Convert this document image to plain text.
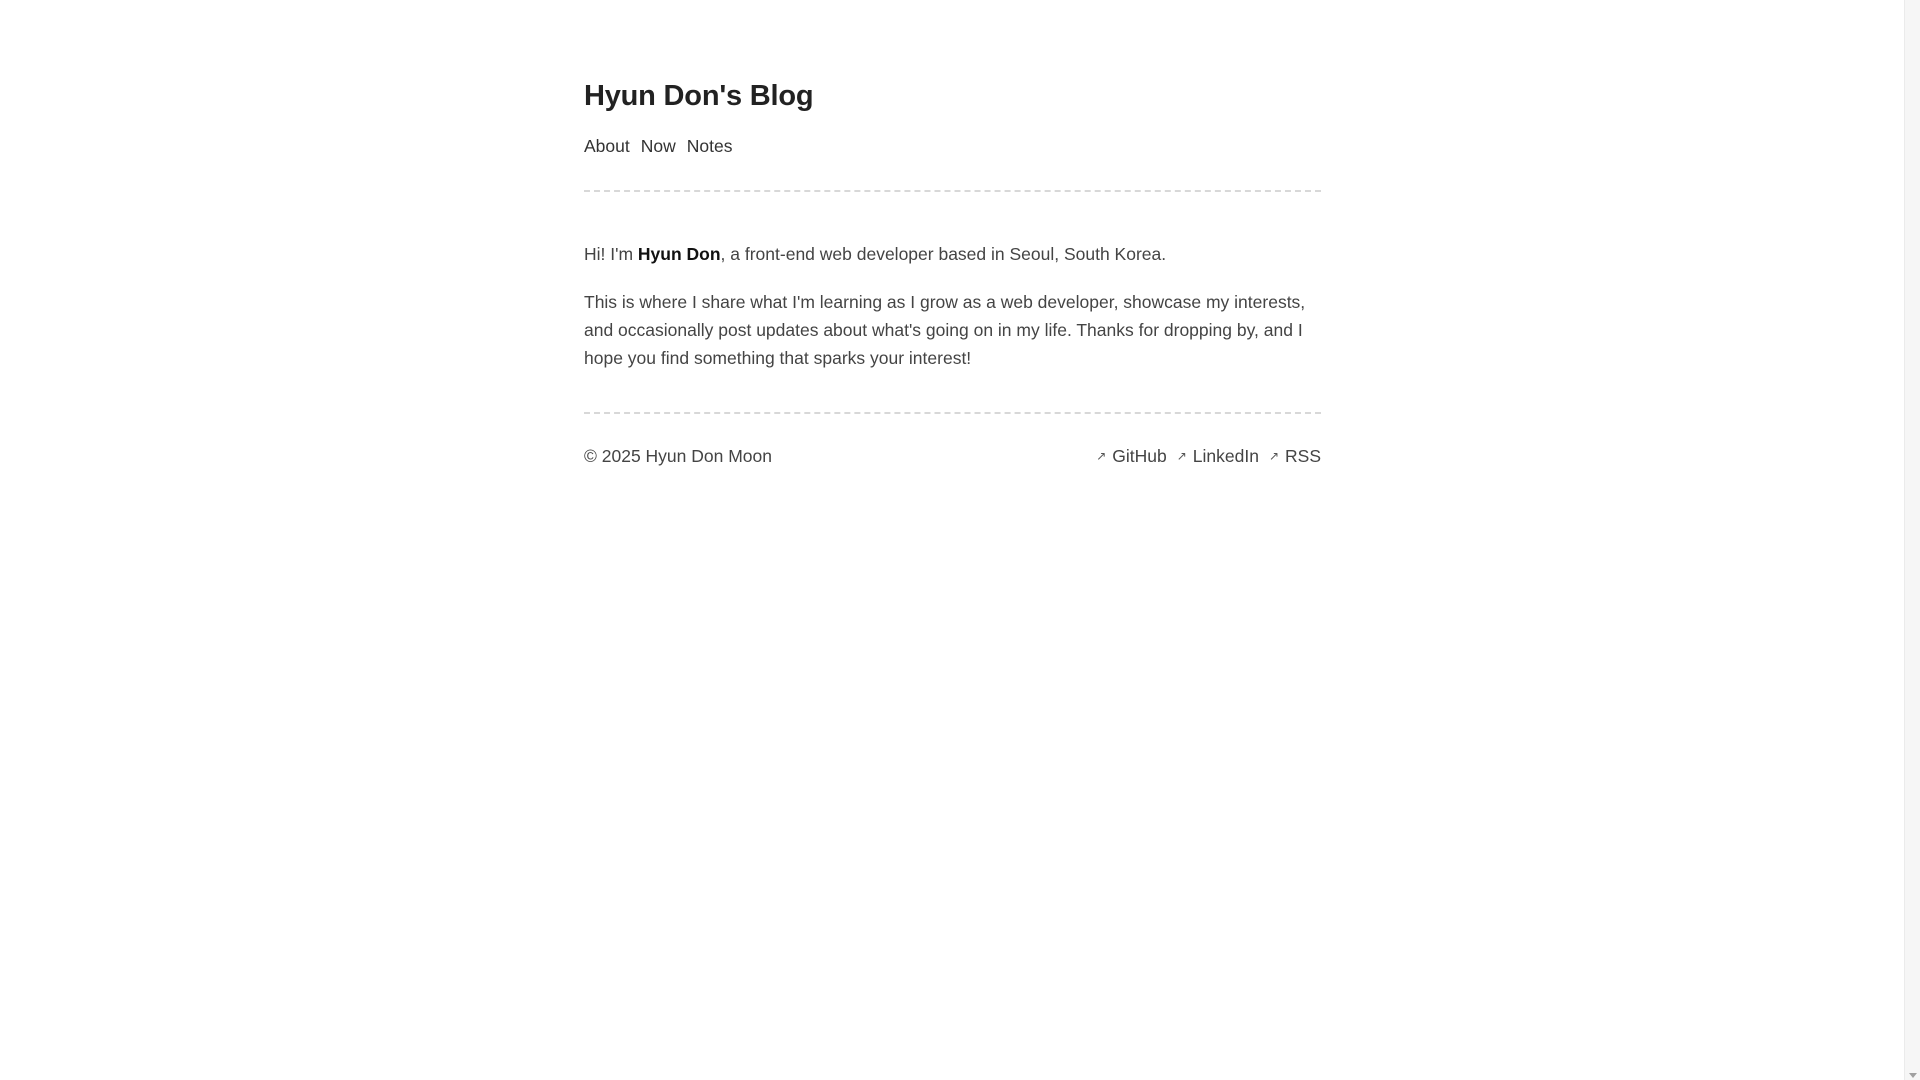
Hyun Don's Blog
About Now Notes

Hi! I'm Hyun Don, a front-end web developer based in Seoul, South Korea.

This is where I share what I'm learning as I grow as a web developer, showcase my interests, and occasionally post updates about what's going on in my life. Thanks for dropping by, and I hope you find something that sparks your interest!

© 2025 Hyun Don Moon	↗ GitHub ↗ LinkedIn ↗ RSS
